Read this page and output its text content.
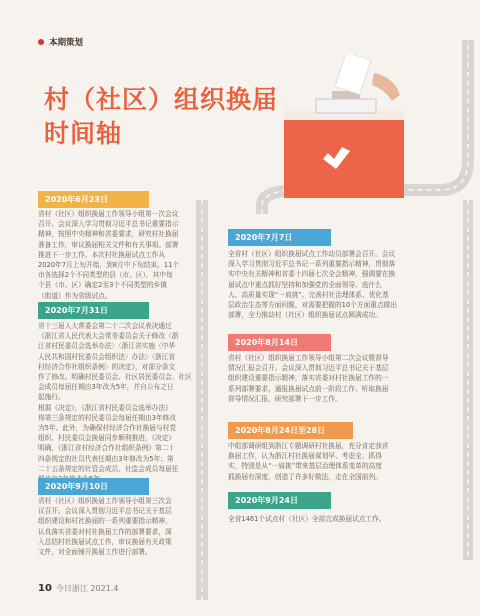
本期策划
村（社区）组织换届
时间轴
2020年6月23日

省村（社区）组织换届工作领导小组第一次会议
召开。会议深入学习贯彻习近平总书记重要指示
精神，按照中央精神和省委要求，研究村社换届
准备工作，审议换届相关文件和有关事项。部署
推进下一步工作。本次村社换届试点工作从
2020年7月上旬开始，到8月中下旬结束。11个
市各选择2个不同类型的县（市、区），其中每
个县（市、区）确定2至3个不同类型的乡镇
（街道）作为省级试点。

2020年7月31日

省十三届人大常委会第二十二次会议表决通过
《浙江省人民代表大会常务委员会关于修改〈浙
江省村民委员会选举办法〉〈浙江省实施〈中华
人民共和国村民委员会组织法〉办法〉〈浙江省
村经济合作社组织条例〉的决定》，对部分条文
作了修改。明确村民委员会、社区居民委员会、社区
会成员每届任期由3年改为5年，并自公布之日
起施行。
根据《决定》，《浙江省村民委员会选举办法》
将第三条规定的村民委员会每届任期由3年修改
为5年。此外，为确保村经济合作社换届与村党
组织、村民委员会换届同步顺利推进，《决定》
明确，《浙江省村经济合作社组织条例》第二十
四条规定的社员代表任期由3年修改为5年；第
二十五条规定的社管会成员、社监会成员每届任

2020年9月10日

省村（社区）组织换届工作领导小组第三次会
议召开。会议深入贯彻习近平总书记关于基层
组织建设和村社换届的一系列重要指示精神，
认真落实省委对村社换届工作的部署要求，深
入总结村社换届试点工作，审议换届有关政策
文件，对全面铺开换届工作进行部署。

2020年7月7日

全省村（社区）组织换届试点工作动员部署会召开。会议
深入学习贯彻习近平总书记一系列重要指示精神，贯彻落
实中央有关精神和省委十四届七次全会精神，强调要在换
届试点中重点抓好坚持和加强党的全面领导、选什么
人、高质量实现“一肩挑”、完善村社治理体系、优化基
层政治生态等方面问题，对需要把握的10个方面重点做出
部署，全力推动村（社区）组织换届试点圆满成功。

2020年8月14日

省村（社区）组织换届工作领导小组第二次会议暨督导
情况汇报会召开。会议深入贯彻习近平总书记关于基层
组织建设重要指示精神，落实省委对村社换届工作的一
系列部署要求，通报换届试点前一阶段工作、听取换届
督导情况汇报，研究部署下一步工作。

2020年8月24日至28日

中组部调研组到浙江专题调研村社换届，充分肯定我省
换届工作，认为浙江村社换届谋划早、考虑全、抓得
实，特别是从“一肩挑”带来基层治理体系变革的高度
抓换届有深度，创造了许多好做法，走在全国前列。

2020年9月24日

全省1461个试点村（社区）全部完成换届试点工作。

10 今日浙江 2021.4
